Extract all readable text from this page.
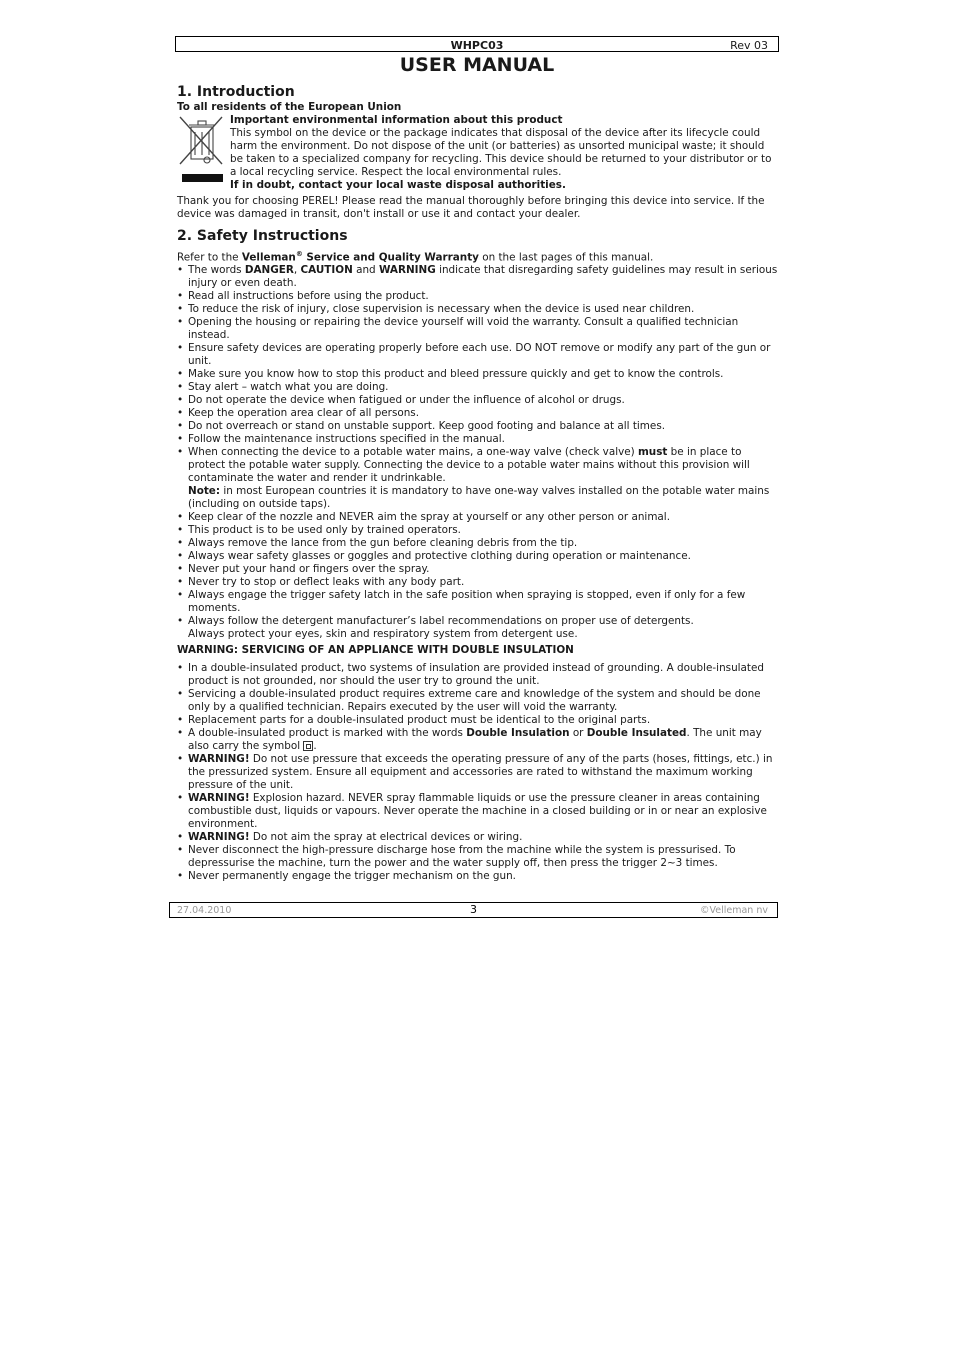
WHPC03	Rev 03
USER MANUAL
1. Introduction
To all residents of the European Union
Important environmental information about this product
This symbol on the device or the package indicates that disposal of the device after its lifecycle could harm the environment. Do not dispose of the unit (or batteries) as unsorted municipal waste; it should be taken to a specialized company for recycling. This device should be returned to your distributor or to a local recycling service. Respect the local environmental rules.
If in doubt, contact your local waste disposal authorities.

Thank you for choosing PEREL! Please read the manual thoroughly before bringing this device into service. If the device was damaged in transit, don't install or use it and contact your dealer.

2. Safety Instructions

Refer to the Velleman® Service and Quality Warranty on the last pages of this manual.

• The words DANGER, CAUTION and WARNING indicate that disregarding safety guidelines may result in serious injury or even death.
• Read all instructions before using the product.
• To reduce the risk of injury, close supervision is necessary when the device is used near children.
• Opening the housing or repairing the device yourself will void the warranty. Consult a qualified technician instead.
• Ensure safety devices are operating properly before each use. DO NOT remove or modify any part of the gun or unit.
• Make sure you know how to stop this product and bleed pressure quickly and get to know the controls.
• Stay alert – watch what you are doing.
• Do not operate the device when fatigued or under the influence of alcohol or drugs.
• Keep the operation area clear of all persons.
• Do not overreach or stand on unstable support. Keep good footing and balance at all times.
• Follow the maintenance instructions specified in the manual.
• When connecting the device to a potable water mains, a one-way valve (check valve) must be in place to protect the potable water supply. Connecting the device to a potable water mains without this provision will contaminate the water and render it undrinkable.
Note: in most European countries it is mandatory to have one-way valves installed on the potable water mains (including on outside taps).
• Keep clear of the nozzle and NEVER aim the spray at yourself or any other person or animal.
• This product is to be used only by trained operators.
• Always remove the lance from the gun before cleaning debris from the tip.
• Always wear safety glasses or goggles and protective clothing during operation or maintenance.
• Never put your hand or fingers over the spray.
• Never try to stop or deflect leaks with any body part.
• Always engage the trigger safety latch in the safe position when spraying is stopped, even if only for a few moments.
• Always follow the detergent manufacturer’s label recommendations on proper use of detergents.
Always protect your eyes, skin and respiratory system from detergent use.
WARNING: SERVICING OF AN APPLIANCE WITH DOUBLE INSULATION
• In a double-insulated product, two systems of insulation are provided instead of grounding. A double-insulated product is not grounded, nor should the user try to ground the unit.
• Servicing a double-insulated product requires extreme care and knowledge of the system and should be done only by a qualified technician. Repairs executed by the user will void the warranty.
• Replacement parts for a double-insulated product must be identical to the original parts.
• A double-insulated product is marked with the words Double Insulation or Double Insulated. The unit may also carry the symbol .
• WARNING! Do not use pressure that exceeds the operating pressure of any of the parts (hoses, fittings, etc.) in the pressurized system. Ensure all equipment and accessories are rated to withstand the maximum working pressure of the unit.
• WARNING! Explosion hazard. NEVER spray flammable liquids or use the pressure cleaner in areas containing combustible dust, liquids or vapours. Never operate the machine in a closed building or in or near an explosive environment.
• WARNING! Do not aim the spray at electrical devices or wiring.
• Never disconnect the high-pressure discharge hose from the machine while the system is pressurised. To depressurise the machine, turn the power and the water supply off, then press the trigger 2~3 times.
• Never permanently engage the trigger mechanism on the gun.
27.04.2010	3	©Velleman nv
